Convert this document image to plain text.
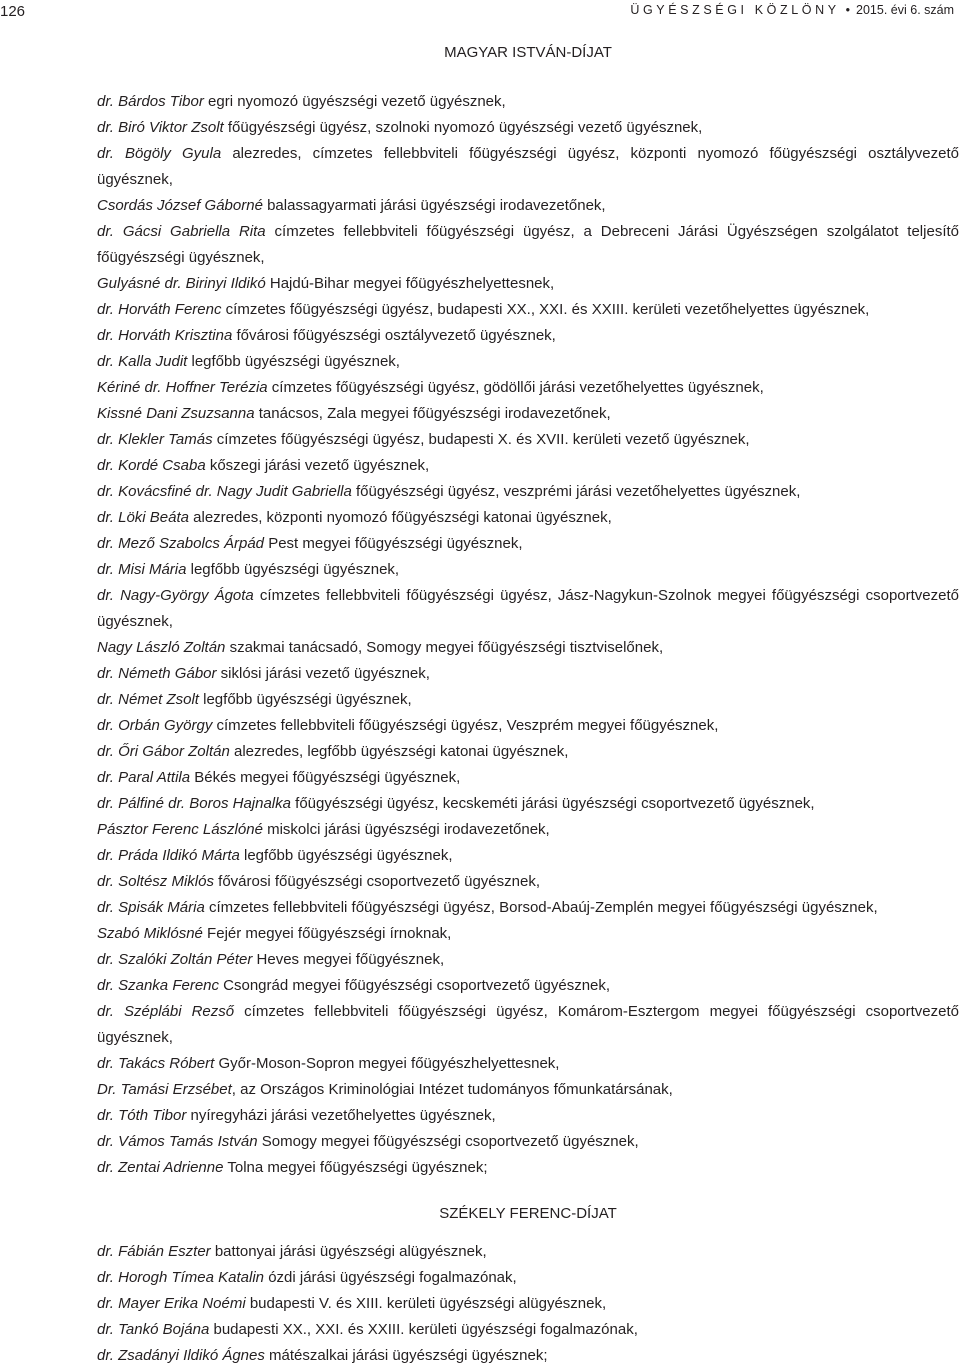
126	ÜGYÉSZSÉGI KÖZLÖNY • 2015. évi 6. szám
MAGYAR ISTVÁN-DÍJAT
dr. Bárdos Tibor egri nyomozó ügyészségi vezető ügyésznek,
dr. Biró Viktor Zsolt főügyészségi ügyész, szolnoki nyomozó ügyészségi vezető ügyésznek,
dr. Bögöly Gyula alezredes, címzetes fellebbviteli főügyészségi ügyész, központi nyomozó főügyészségi osztályvezető ügyésznek,
Csordás József Gáborné balassagyarmati járási ügyészségi irodavezetőnek,
dr. Gácsi Gabriella Rita címzetes fellebbviteli főügyészségi ügyész, a Debreceni Járási Ügyészségen szolgálatot teljesítő főügyészségi ügyésznek,
Gulyásné dr. Birinyi Ildikó Hajdú-Bihar megyei főügyészhelyettesnek,
dr. Horváth Ferenc címzetes főügyészségi ügyész, budapesti XX., XXI. és XXIII. kerületi vezetőhelyettes ügyésznek,
dr. Horváth Krisztina fővárosi főügyészségi osztályvezető ügyésznek,
dr. Kalla Judit legfőbb ügyészségi ügyésznek,
Kériné dr. Hoffner Terézia címzetes főügyészségi ügyész, gödöllői járási vezetőhelyettes ügyésznek,
Kissné Dani Zsuzsanna tanácsos, Zala megyei főügyészségi irodavezetőnek,
dr. Klekler Tamás címzetes főügyészségi ügyész, budapesti X. és XVII. kerületi vezető ügyésznek,
dr. Kordé Csaba kőszegi járási vezető ügyésznek,
dr. Kovácsfiné dr. Nagy Judit Gabriella főügyészségi ügyész, veszprémi járási vezetőhelyettes ügyésznek,
dr. Löki Beáta alezredes, központi nyomozó főügyészségi katonai ügyésznek,
dr. Mező Szabolcs Árpád Pest megyei főügyészségi ügyésznek,
dr. Misi Mária legfőbb ügyészségi ügyésznek,
dr. Nagy-György Ágota címzetes fellebbviteli főügyészségi ügyész, Jász-Nagykun-Szolnok megyei főügyészségi csoportvezető ügyésznek,
Nagy László Zoltán szakmai tanácsadó, Somogy megyei főügyészségi tisztviselőnek,
dr. Németh Gábor siklósi járási vezető ügyésznek,
dr. Német Zsolt legfőbb ügyészségi ügyésznek,
dr. Orbán György címzetes fellebbviteli főügyészségi ügyész, Veszprém megyei főügyésznek,
dr. Őri Gábor Zoltán alezredes, legfőbb ügyészségi katonai ügyésznek,
dr. Paral Attila Békés megyei főügyészségi ügyésznek,
dr. Pálfiné dr. Boros Hajnalka főügyészségi ügyész, kecskeméti járási ügyészségi csoportvezető ügyésznek,
Pásztor Ferenc Lászlóné miskolci járási ügyészségi irodavezetőnek,
dr. Práda Ildikó Márta legfőbb ügyészségi ügyésznek,
dr. Soltész Miklós fővárosi főügyészségi csoportvezető ügyésznek,
dr. Spisák Mária címzetes fellebbviteli főügyészségi ügyész, Borsod-Abaúj-Zemplén megyei főügyészségi ügyésznek,
Szabó Miklósné Fejér megyei főügyészségi írnoknak,
dr. Szalóki Zoltán Péter Heves megyei főügyésznek,
dr. Szanka Ferenc Csongrád megyei főügyészségi csoportvezető ügyésznek,
dr. Széplábi Rezső címzetes fellebbviteli főügyészségi ügyész, Komárom-Esztergom megyei főügyészségi csoportvezető ügyésznek,
dr. Takács Róbert Győr-Moson-Sopron megyei főügyészhelyettesnek,
Dr. Tamási Erzsébet, az Országos Kriminológiai Intézet tudományos főmunkatársának,
dr. Tóth Tibor nyíregyházi járási vezetőhelyettes ügyésznek,
dr. Vámos Tamás István Somogy megyei főügyészségi csoportvezető ügyésznek,
dr. Zentai Adrienne Tolna megyei főügyészségi ügyésznek;
SZÉKELY FERENC-DÍJAT
dr. Fábián Eszter battonyai járási ügyészségi alügyésznek,
dr. Horogh Tímea Katalin ózdi járási ügyészségi fogalmazónak,
dr. Mayer Erika Noémi budapesti V. és XIII. kerületi ügyészségi alügyésznek,
dr. Tankó Bojána budapesti XX., XXI. és XXIII. kerületi ügyészségi fogalmazónak,
dr. Zsadányi Ildikó Ágnes mátészalkai járási ügyészségi ügyésznek;
